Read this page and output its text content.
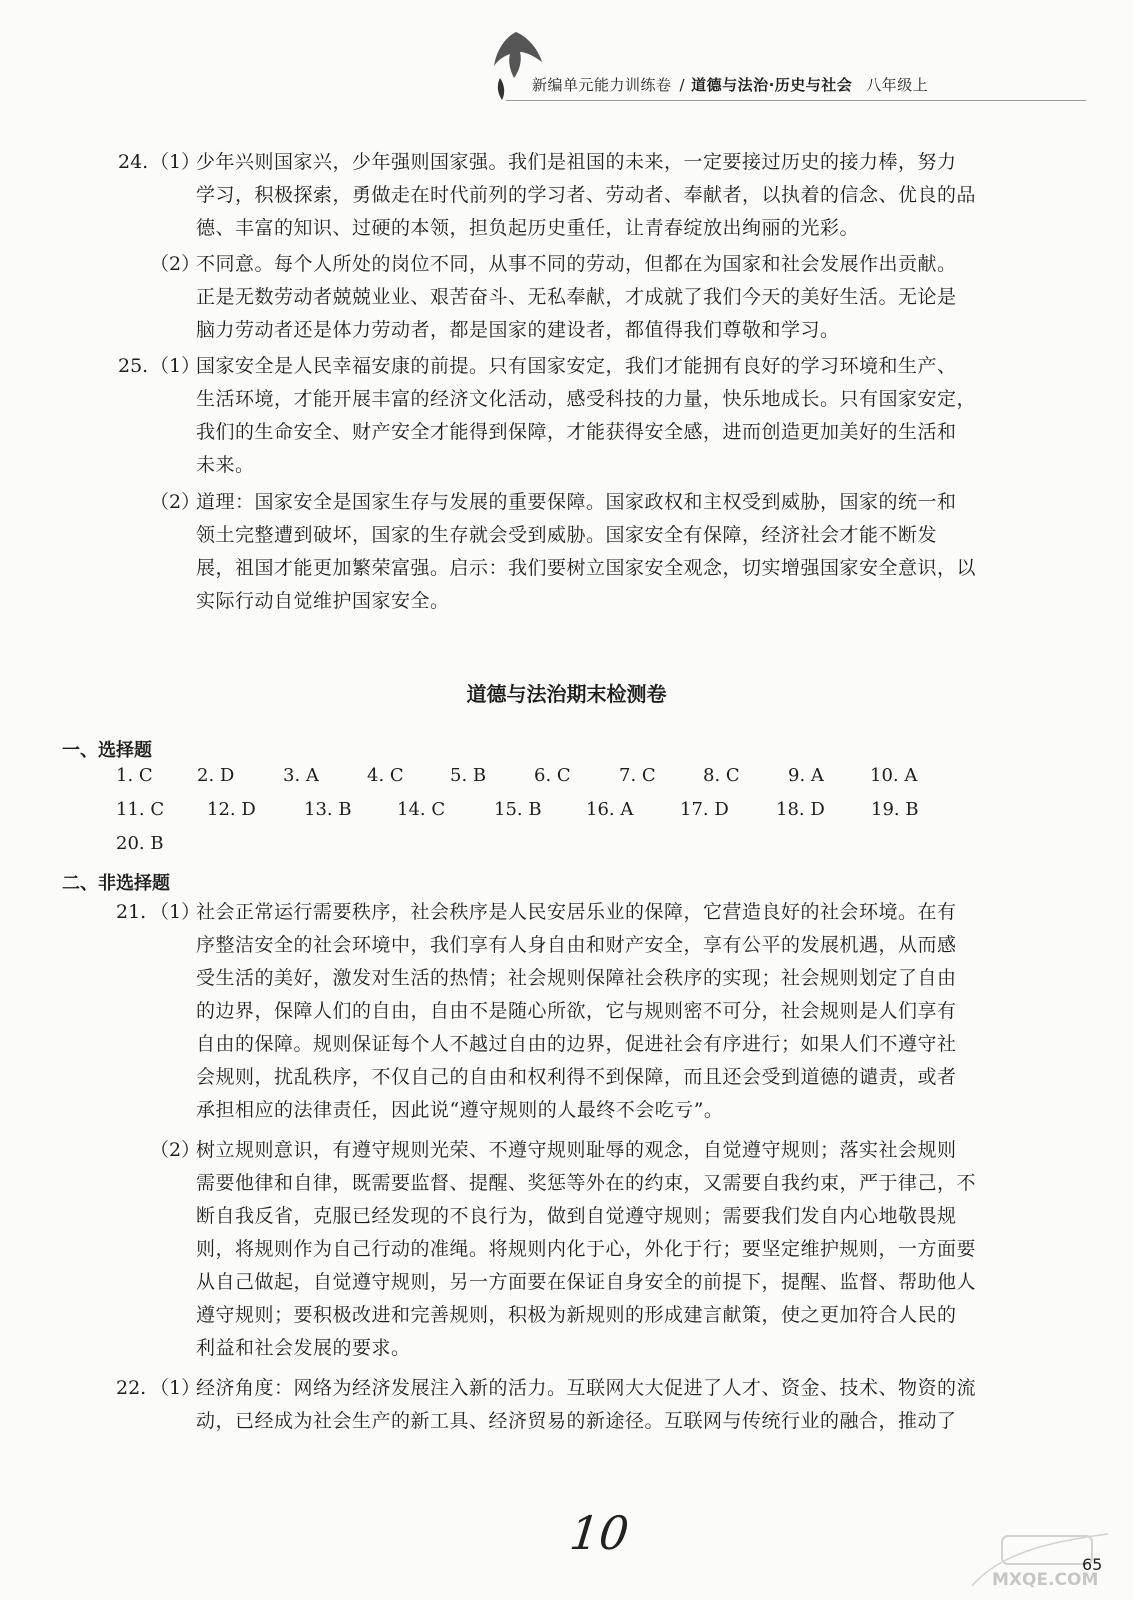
新编单元能力训练卷 / 道德与法治·历史与社会 八年级上
24. （1）
少年兴则国家兴，少年强则国家强。我们是祖国的未来，一定要接过历史的接力棒，努力
学习，积极探索，勇做走在时代前列的学习者、劳动者、奉献者，以执着的信念、优良的品
德、丰富的知识、过硬的本领，担负起历史重任，让青春绽放出绚丽的光彩。
（2）
不同意。每个人所处的岗位不同，从事不同的劳动，但都在为国家和社会发展作出贡献。
正是无数劳动者兢兢业业、艰苦奋斗、无私奉献，才成就了我们今天的美好生活。无论是
脑力劳动者还是体力劳动者，都是国家的建设者，都值得我们尊敬和学习。
25. （1）
国家安全是人民幸福安康的前提。只有国家安定，我们才能拥有良好的学习环境和生产、
生活环境，才能开展丰富的经济文化活动，感受科技的力量，快乐地成长。只有国家安定，
我们的生命安全、财产安全才能得到保障，才能获得安全感，进而创造更加美好的生活和
未来。
（2）
道理：国家安全是国家生存与发展的重要保障。国家政权和主权受到威胁，国家的统一和
领土完整遭到破坏，国家的生存就会受到威胁。国家安全有保障，经济社会才能不断发
展，祖国才能更加繁荣富强。启示：我们要树立国家安全观念，切实增强国家安全意识，以
实际行动自觉维护国家安全。
道德与法治期末检测卷
一、选择题
1. C 2. D	3. A	4. C	5. B	6. C	7. C	8. C	9. A	10. A
11. C 12. D	13. B	14. C	15. B 16. A	17. D	18. D	19. B
20. B
二、非选择题
21. （1）
社会正常运行需要秩序，社会秩序是人民安居乐业的保障，它营造良好的社会环境。在有
序整洁安全的社会环境中，我们享有人身自由和财产安全，享有公平的发展机遇，从而感
受生活的美好，激发对生活的热情；社会规则保障社会秩序的实现；社会规则划定了自由
的边界，保障人们的自由，自由不是随心所欲，它与规则密不可分，社会规则是人们享有
自由的保障。规则保证每个人不越过自由的边界，促进社会有序进行；如果人们不遵守社
会规则，扰乱秩序，不仅自己的自由和权利得不到保障，而且还会受到道德的谴责，或者
承担相应的法律责任，因此说“遵守规则的人最终不会吃亏”。
（2）
树立规则意识，有遵守规则光荣、不遵守规则耻辱的观念，自觉遵守规则；落实社会规则
需要他律和自律，既需要监督、提醒、奖惩等外在的约束，又需要自我约束，严于律己，不
断自我反省，克服已经发现的不良行为，做到自觉遵守规则；需要我们发自内心地敬畏规
则，将规则作为自己行动的准绳。将规则内化于心，外化于行；要坚定维护规则，一方面要
从自己做起，自觉遵守规则，另一方面要在保证自身安全的前提下，提醒、监督、帮助他人
遵守规则；要积极改进和完善规则，积极为新规则的形成建言献策，使之更加符合人民的
利益和社会发展的要求。
22. （1）
经济角度：网络为经济发展注入新的活力。互联网大大促进了人才、资金、技术、物资的流
动，已经成为社会生产的新工具、经济贸易的新途径。互联网与传统行业的融合，推动了
10
MXQE.COM
65
